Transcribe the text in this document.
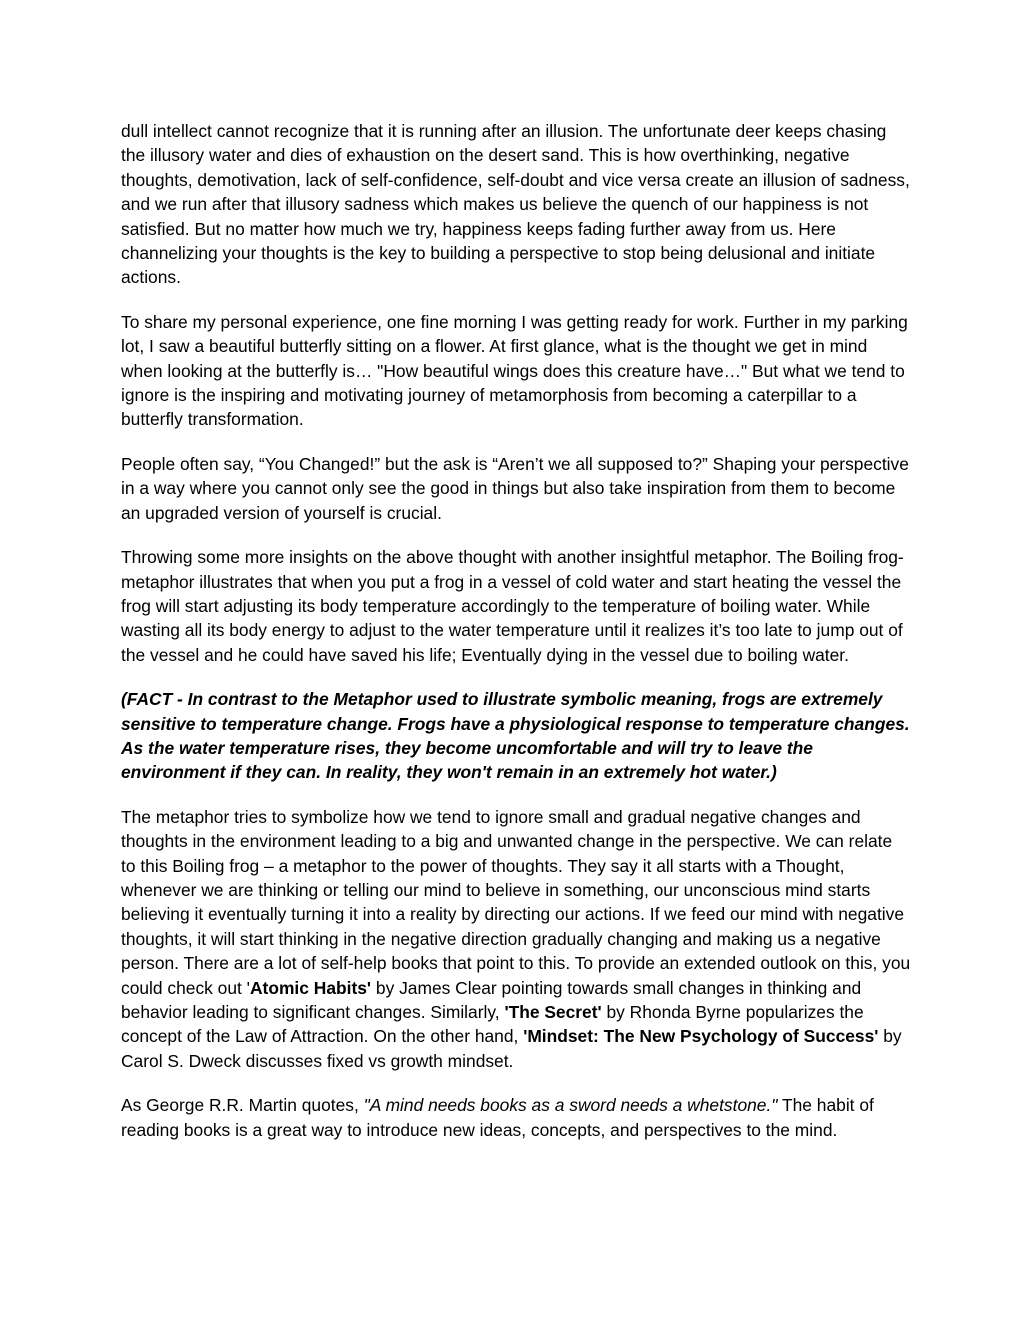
dull intellect cannot recognize that it is running after an illusion. The unfortunate deer keeps chasing the illusory water and dies of exhaustion on the desert sand. This is how overthinking, negative thoughts, demotivation, lack of self-confidence, self-doubt and vice versa create an illusion of sadness, and we run after that illusory sadness which makes us believe the quench of our happiness is not satisfied. But no matter how much we try, happiness keeps fading further away from us. Here channelizing your thoughts is the key to building a perspective to stop being delusional and initiate actions.

To share my personal experience, one fine morning I was getting ready for work. Further in my parking lot, I saw a beautiful butterfly sitting on a flower. At first glance, what is the thought we get in mind when looking at the butterfly is… "How beautiful wings does this creature have…" But what we tend to ignore is the inspiring and motivating journey of metamorphosis from becoming a caterpillar to a butterfly transformation.

People often say, “You Changed!” but the ask is “Aren’t we all supposed to?” Shaping your perspective in a way where you cannot only see the good in things but also take inspiration from them to become an upgraded version of yourself is crucial.

Throwing some more insights on the above thought with another insightful metaphor. The Boiling frog- metaphor illustrates that when you put a frog in a vessel of cold water and start heating the vessel the frog will start adjusting its body temperature accordingly to the temperature of boiling water. While wasting all its body energy to adjust to the water temperature until it realizes it’s too late to jump out of the vessel and he could have saved his life; Eventually dying in the vessel due to boiling water.

(FACT - In contrast to the Metaphor used to illustrate symbolic meaning, frogs are extremely sensitive to temperature change. Frogs have a physiological response to temperature changes. As the water temperature rises, they become uncomfortable and will try to leave the environment if they can. In reality, they won't remain in an extremely hot water.)

The metaphor tries to symbolize how we tend to ignore small and gradual negative changes and thoughts in the environment leading to a big and unwanted change in the perspective. We can relate to this Boiling frog – a metaphor to the power of thoughts. They say it all starts with a Thought, whenever we are thinking or telling our mind to believe in something, our unconscious mind starts believing it eventually turning it into a reality by directing our actions. If we feed our mind with negative thoughts, it will start thinking in the negative direction gradually changing and making us a negative person. There are a lot of self-help books that point to this. To provide an extended outlook on this, you could check out 'Atomic Habits' by James Clear pointing towards small changes in thinking and behavior leading to significant changes. Similarly, 'The Secret' by Rhonda Byrne popularizes the concept of the Law of Attraction. On the other hand, 'Mindset: The New Psychology of Success' by Carol S. Dweck discusses fixed vs growth mindset.

As George R.R. Martin quotes, "A mind needs books as a sword needs a whetstone." The habit of reading books is a great way to introduce new ideas, concepts, and perspectives to the mind.
